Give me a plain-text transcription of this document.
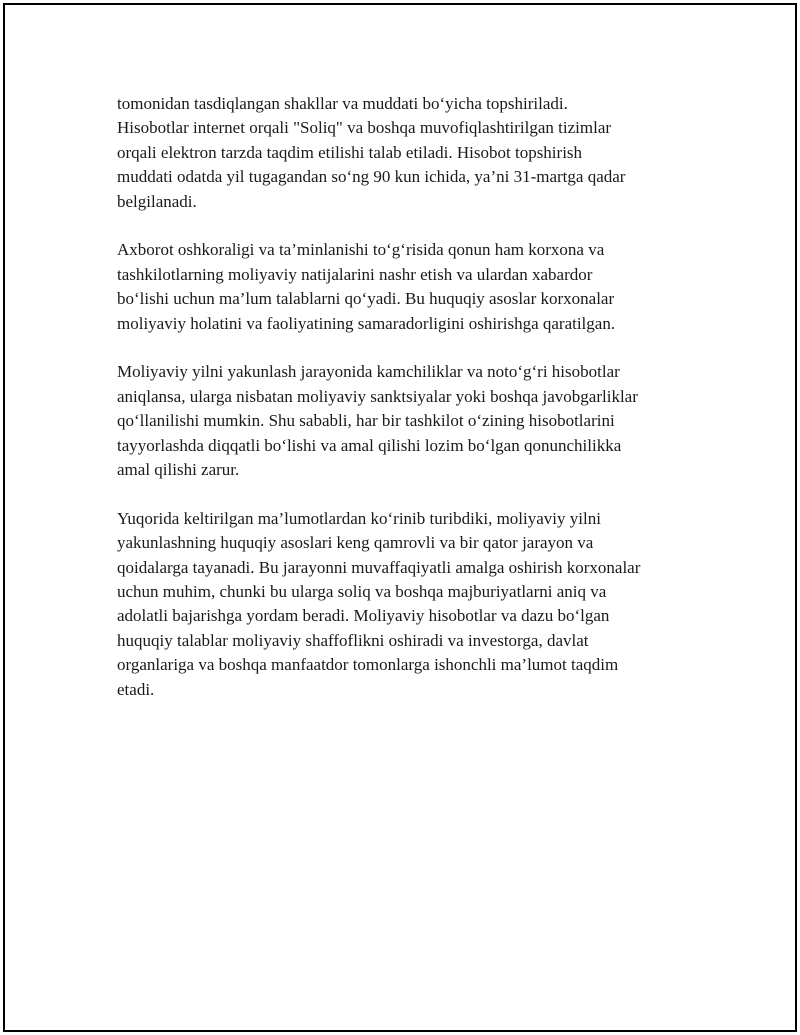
tomonidan tasdiqlangan shakllar va muddati bo‘yicha topshiriladi.
Hisobotlar internet orqali "Soliq" va boshqa muvofiqlashtirilgan tizimlar
orqali elektron tarzda taqdim etilishi talab etiladi. Hisobot topshirish
muddati odatda yil tugagandan so‘ng 90 kun ichida, ya’ni 31-martga qadar
belgilanadi.

Axborot oshkoraligi va ta’minlanishi to‘g‘risida qonun ham korxona va
tashkilotlarning moliyaviy natijalarini nashr etish va ulardan xabardor
bo‘lishi uchun ma’lum talablarni qo‘yadi. Bu huquqiy asoslar korxonalar
moliyaviy holatini va faoliyatining samaradorligini oshirishga qaratilgan.

Moliyaviy yilni yakunlash jarayonida kamchiliklar va noto‘g‘ri hisobotlar
aniqlansa, ularga nisbatan moliyaviy sanktsiyalar yoki boshqa javobgarliklar
qo‘llanilishi mumkin. Shu sababli, har bir tashkilot o‘zining hisobotlarini
tayyorlashda diqqatli bo‘lishi va amal qilishi lozim bo‘lgan qonunchilikka
amal qilishi zarur.

Yuqorida keltirilgan ma’lumotlardan ko‘rinib turibdiki, moliyaviy yilni
yakunlashning huquqiy asoslari keng qamrovli va bir qator jarayon va
qoidalarga tayanadi. Bu jarayonni muvaffaqiyatli amalga oshirish korxonalar
uchun muhim, chunki bu ularga soliq va boshqa majburiyatlarni aniq va
adolatli bajarishga yordam beradi. Moliyaviy hisobotlar va dazu bo‘lgan
huquqiy talablar moliyaviy shaffoflikni oshiradi va investorga, davlat
organlariga va boshqa manfaatdor tomonlarga ishonchli ma’lumot taqdim
etadi.
